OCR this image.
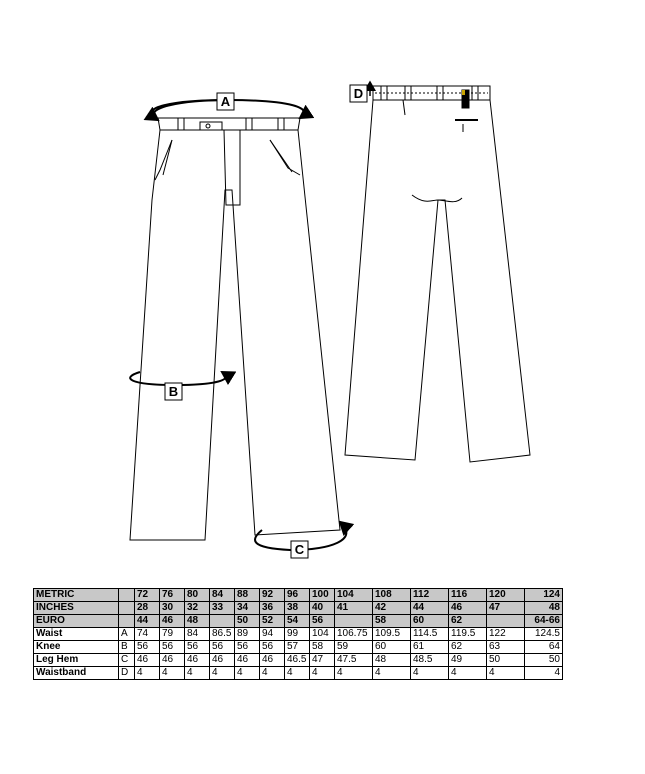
A
B
C
D
METRIC		72	76	80	84	88	92	96	100	104	108	112	116	120	124
INCHES		28	30	32	33	34	36	38	40	41	42	44	46	47	48
EURO		44	46	48		50	52	54	56		58	60	62		64-66
Waist	A	74	79	84	86.5	89	94	99	104	106.75	109.5	114.5	119.5	122	124.5
Knee	B	56	56	56	56	56	56	57	58	59	60	61	62	63	64
Leg Hem	C	46	46	46	46	46	46	46.5	47	47.5	48	48.5	49	50	50
Waistband	D	4	4	4	4	4	4	4	4	4	4	4	4	4	4
